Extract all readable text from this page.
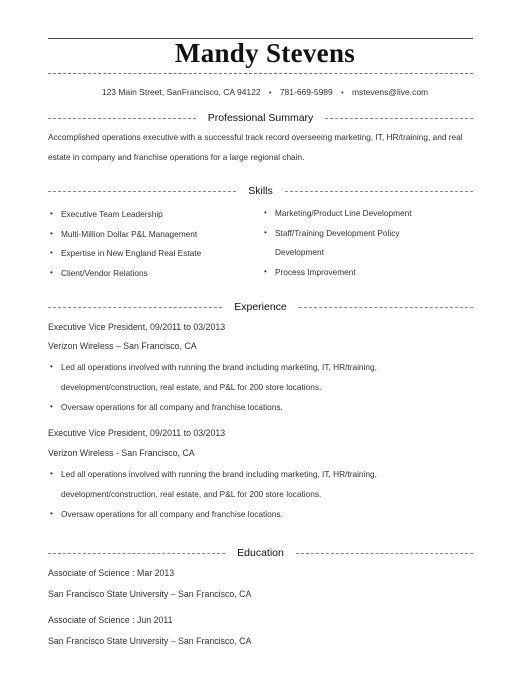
Mandy Stevens
123 Main Street, SanFrancisco, CA 94122 • 781-669-5989 • mstevens@live.com
Professional Summary
Accomplished operations executive with a successful track record overseeing marketing, IT, HR/training, and real estate in company and franchise operations for a large regional chain.
Skills
• Executive Team Leadership
• Multi-Million Dollar P&L Management
• Expertise in New England Real Estate
• Client/Vendor Relations
• Marketing/Product Line Development
• Staff/Training Development Policy Development
• Process Improvement
Experience
Executive Vice President, 09/2011 to 03/2013
Verizon Wireless – San Francisco, CA
• Led all operations involved with running the brand including marketing, IT, HR/training, development/construction, real estate, and P&L for 200 store locations.
• Oversaw operations for all company and franchise locations.
Executive Vice President, 09/2011 to 03/2013
Verizon Wireless - San Francisco, CA
• Led all operations involved with running the brand including marketing, IT, HR/training, development/construction, real estate, and P&L for 200 store locations.
• Oversaw operations for all company and franchise locations.
Education
Associate of Science : Mar 2013
San Francisco State University – San Francisco, CA
Associate of Science : Jun 2011
San Francisco State University – San Francisco, CA
